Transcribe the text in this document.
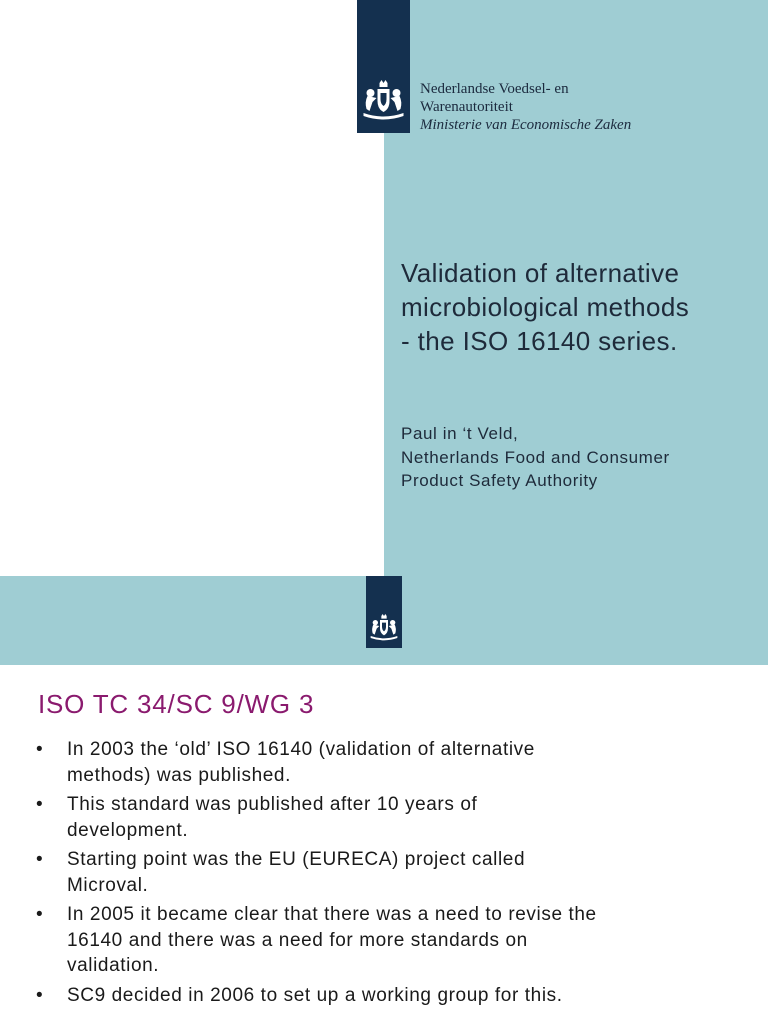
Nederlandse Voedsel- en
Warenautoriteit
Ministerie van Economische Zaken
Validation of alternative
microbiological methods
- the ISO 16140 series.
Paul in ‘t Veld,
Netherlands Food and Consumer
Product Safety Authority
ISO TC 34/SC 9/WG 3
• In 2003 the ‘old’ ISO 16140 (validation of alternative
methods) was published.
• This standard was published after 10 years of
development.
• Starting point was the EU (EURECA) project called
Microval.
• In 2005 it became clear that there was a need to revise the
16140 and there was a need for more standards on
validation.
• SC9 decided in 2006 to set up a working group for this.
